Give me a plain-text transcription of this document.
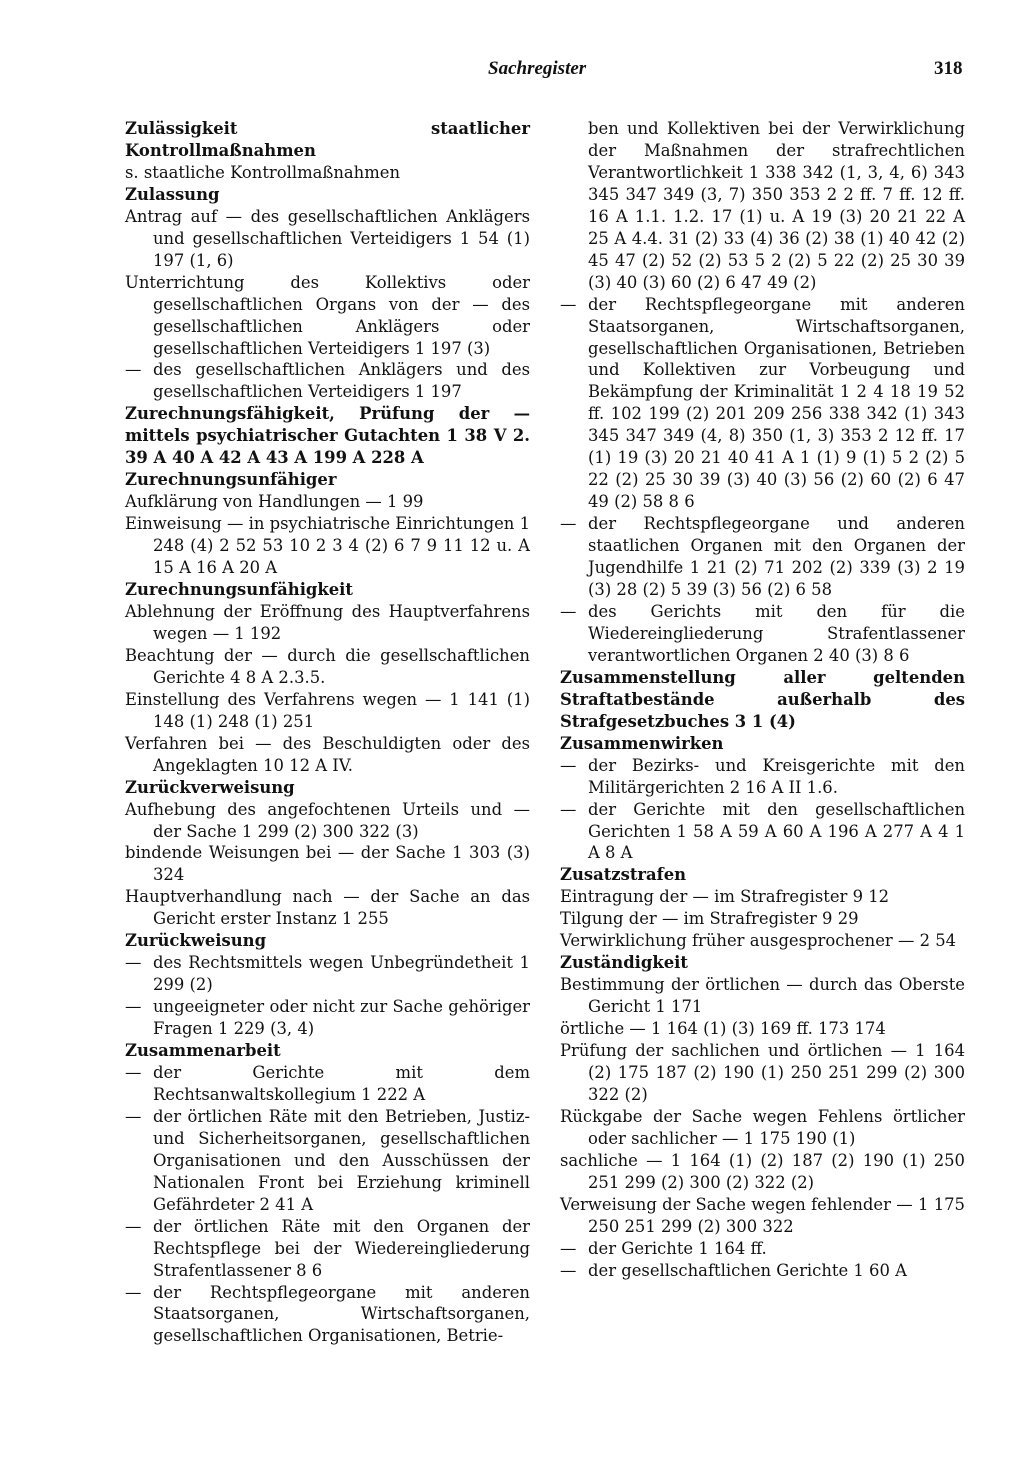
Sachregister	318
Zulässigkeit staatlicher Kontrollmaßnahmen
s. staatliche Kontrollmaßnahmen
Zulassung
Antrag auf — des gesellschaftlichen Anklägers und gesellschaftlichen Verteidigers 1 54 (1) 197 (1, 6)
Unterrichtung des Kollektivs oder gesellschaftlichen Organs von der — des gesellschaftlichen Anklägers oder gesellschaftlichen Verteidigers 1 197 (3)
— des gesellschaftlichen Anklägers und des gesellschaftlichen Verteidigers 1 197
Zurechnungsfähigkeit, Prüfung der — mittels psychiatrischer Gutachten 1 38 V 2. 39 A 40 A 42 A 43 A 199 A 228 A
Zurechnungsunfähiger
Aufklärung von Handlungen — 1 99
Einweisung — in psychiatrische Einrichtungen 1 248 (4) 2 52 53 10 2 3 4 (2) 6 7 9 11 12 u. A 15 A 16 A 20 A
Zurechnungsunfähigkeit
Ablehnung der Eröffnung des Hauptverfahrens wegen — 1 192
Beachtung der — durch die gesellschaftlichen Gerichte 4 8 A 2.3.5.
Einstellung des Verfahrens wegen — 1 141 (1) 148 (1) 248 (1) 251
Verfahren bei — des Beschuldigten oder des Angeklagten 10 12 A IV.
Zurückverweisung
Aufhebung des angefochtenen Urteils und — der Sache 1 299 (2) 300 322 (3)
bindende Weisungen bei — der Sache 1 303 (3) 324
Hauptverhandlung nach — der Sache an das Gericht erster Instanz 1 255
Zurückweisung
— des Rechtsmittels wegen Unbegründetheit 1 299 (2)
— ungeeigneter oder nicht zur Sache gehöriger Fragen 1 229 (3, 4)
Zusammenarbeit
— der Gerichte mit dem Rechtsanwaltskollegium 1 222 A
— der örtlichen Räte mit den Betrieben, Justiz- und Sicherheitsorganen, gesellschaftlichen Organisationen und den Ausschüssen der Nationalen Front bei Erziehung kriminell Gefährdeter 2 41 A
— der örtlichen Räte mit den Organen der Rechtspflege bei der Wiedereingliederung Strafentlassener 8 6
— der Rechtspflegeorgane mit anderen Staatsorganen, Wirtschaftsorganen, gesellschaftlichen Organisationen, Betrie-
ben und Kollektiven bei der Verwirklichung der Maßnahmen der strafrechtlichen Verantwortlichkeit 1 338 342 (1, 3, 4, 6) 343 345 347 349 (3, 7) 350 353 2 2 ff. 7 ff. 12 ff. 16 A 1.1. 1.2. 17 (1) u. A 19 (3) 20 21 22 A 25 A 4.4. 31 (2) 33 (4) 36 (2) 38 (1) 40 42 (2) 45 47 (2) 52 (2) 53 5 2 (2) 5 22 (2) 25 30 39 (3) 40 (3) 60 (2) 6 47 49 (2)
— der Rechtspflegeorgane mit anderen Staatsorganen, Wirtschaftsorganen, gesellschaftlichen Organisationen, Betrieben und Kollektiven zur Vorbeugung und Bekämpfung der Kriminalität 1 2 4 18 19 52 ff. 102 199 (2) 201 209 256 338 342 (1) 343 345 347 349 (4, 8) 350 (1, 3) 353 2 12 ff. 17 (1) 19 (3) 20 21 40 41 A 1 (1) 9 (1) 5 2 (2) 5 22 (2) 25 30 39 (3) 40 (3) 56 (2) 60 (2) 6 47 49 (2) 58 8 6
— der Rechtspflegeorgane und anderen staatlichen Organen mit den Organen der Jugendhilfe 1 21 (2) 71 202 (2) 339 (3) 2 19 (3) 28 (2) 5 39 (3) 56 (2) 6 58
— des Gerichts mit den für die Wiedereingliederung Strafentlassener verantwortlichen Organen 2 40 (3) 8 6
Zusammenstellung aller geltenden Straftatbestände außerhalb des Strafgesetzbuches 3 1 (4)
Zusammenwirken
— der Bezirks- und Kreisgerichte mit den Militärgerichten 2 16 A II 1.6.
— der Gerichte mit den gesellschaftlichen Gerichten 1 58 A 59 A 60 A 196 A 277 A 4 1 A 8 A
Zusatzstrafen
Eintragung der — im Strafregister 9 12
Tilgung der — im Strafregister 9 29
Verwirklichung früher ausgesprochener — 2 54
Zuständigkeit
Bestimmung der örtlichen — durch das Oberste Gericht 1 171
örtliche — 1 164 (1) (3) 169 ff. 173 174
Prüfung der sachlichen und örtlichen — 1 164 (2) 175 187 (2) 190 (1) 250 251 299 (2) 300 322 (2)
Rückgabe der Sache wegen Fehlens örtlicher oder sachlicher — 1 175 190 (1)
sachliche — 1 164 (1) (2) 187 (2) 190 (1) 250 251 299 (2) 300 (2) 322 (2)
Verweisung der Sache wegen fehlender — 1 175 250 251 299 (2) 300 322
— der Gerichte 1 164 ff.
— der gesellschaftlichen Gerichte 1 60 A
